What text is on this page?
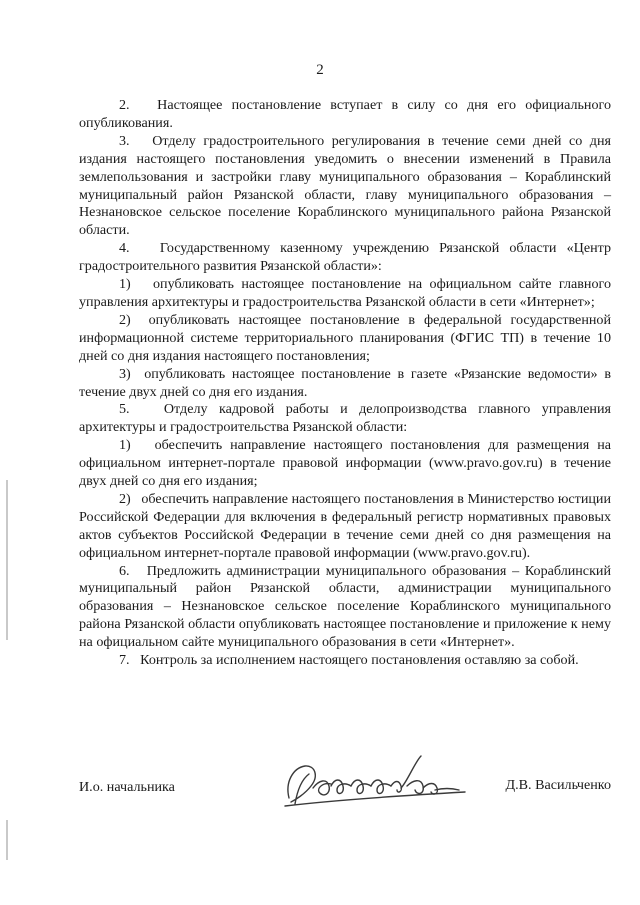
2

2.   Настоящее постановление вступает в силу со дня его официального опубликования.

3.   Отделу градостроительного регулирования в течение семи дней со дня издания настоящего постановления уведомить о внесении изменений в Правила землепользования и застройки главу муниципального образования – Кораблинский муниципальный район Рязанской области, главу муниципального образования – Незнановское сельское поселение Кораблинского муниципального района Рязанской области.

4.   Государственному казенному учреждению Рязанской области «Центр градостроительного развития Рязанской области»:

1)   опубликовать настоящее постановление на официальном сайте главного управления архитектуры и градостроительства Рязанской области в сети «Интернет»;

2)  опубликовать настоящее постановление в федеральной государственной информационной системе территориального планирования (ФГИС ТП) в течение 10 дней со дня издания настоящего постановления;

3)  опубликовать настоящее постановление в газете «Рязанские ведомости» в течение двух дней со дня его издания.

5.   Отделу кадровой работы и делопроизводства главного управления архитектуры и градостроительства Рязанской области:

1)   обеспечить направление настоящего постановления для размещения на официальном интернет-портале правовой информации (www.pravo.gov.ru) в течение двух дней со дня его издания;

2)   обеспечить направление настоящего постановления в Министерство юстиции Российской Федерации для включения в федеральный регистр нормативных правовых актов субъектов Российской Федерации в течение семи дней со дня размещения на официальном интернет-портале правовой информации (www.pravo.gov.ru).

6.   Предложить администрации муниципального образования – Кораблинский муниципальный район Рязанской области, администрации муниципального образования – Незнановское сельское поселение Кораблинского муниципального района Рязанской области опубликовать настоящее постановление и приложение к нему на официальном сайте муниципального образования в сети «Интернет».

7.   Контроль за исполнением настоящего постановления оставляю за собой.

И.о. начальника	Д.В. Васильченко
